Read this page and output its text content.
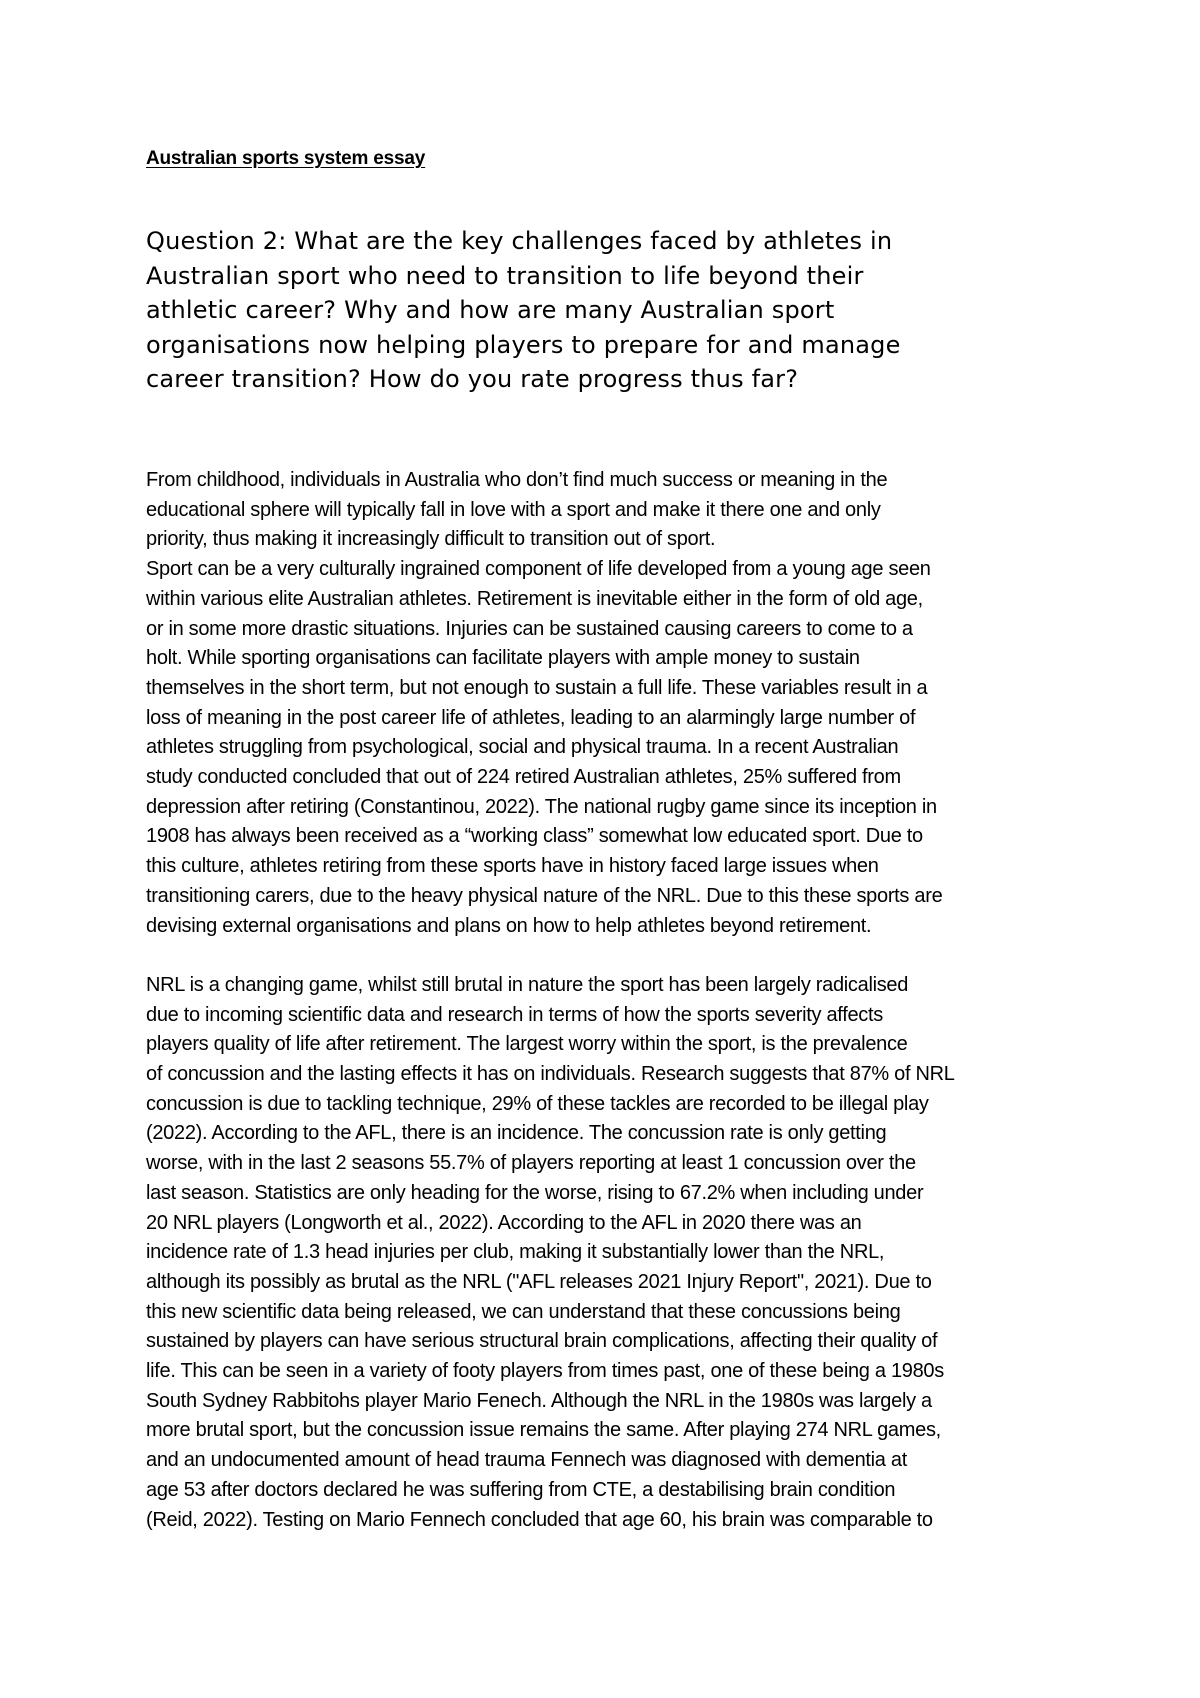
Australian sports system essay
Question 2: What are the key challenges faced by athletes in
Australian sport who need to transition to life beyond their
athletic career? Why and how are many Australian sport
organisations now helping players to prepare for and manage
career transition? How do you rate progress thus far?
From childhood, individuals in Australia who don’t find much success or meaning in the
educational sphere will typically fall in love with a sport and make it there one and only
priority, thus making it increasingly difficult to transition out of sport.
Sport can be a very culturally ingrained component of life developed from a young age seen
within various elite Australian athletes. Retirement is inevitable either in the form of old age,
or in some more drastic situations. Injuries can be sustained causing careers to come to a
holt. While sporting organisations can facilitate players with ample money to sustain
themselves in the short term, but not enough to sustain a full life. These variables result in a
loss of meaning in the post career life of athletes, leading to an alarmingly large number of
athletes struggling from psychological, social and physical trauma. In a recent Australian
study conducted concluded that out of 224 retired Australian athletes, 25% suffered from
depression after retiring (Constantinou, 2022). The national rugby game since its inception in
1908 has always been received as a “working class” somewhat low educated sport. Due to
this culture, athletes retiring from these sports have in history faced large issues when
transitioning carers, due to the heavy physical nature of the NRL. Due to this these sports are
devising external organisations and plans on how to help athletes beyond retirement.
NRL is a changing game, whilst still brutal in nature the sport has been largely radicalised
due to incoming scientific data and research in terms of how the sports severity affects
players quality of life after retirement. The largest worry within the sport, is the prevalence
of concussion and the lasting effects it has on individuals. Research suggests that 87% of NRL
concussion is due to tackling technique, 29% of these tackles are recorded to be illegal play
(2022). According to the AFL, there is an incidence. The concussion rate is only getting
worse, with in the last 2 seasons 55.7% of players reporting at least 1 concussion over the
last season. Statistics are only heading for the worse, rising to 67.2% when including under
20 NRL players (Longworth et al., 2022). According to the AFL in 2020 there was an
incidence rate of 1.3 head injuries per club, making it substantially lower than the NRL,
although its possibly as brutal as the NRL ("AFL releases 2021 Injury Report", 2021). Due to
this new scientific data being released, we can understand that these concussions being
sustained by players can have serious structural brain complications, affecting their quality of
life. This can be seen in a variety of footy players from times past, one of these being a 1980s
South Sydney Rabbitohs player Mario Fenech. Although the NRL in the 1980s was largely a
more brutal sport, but the concussion issue remains the same. After playing 274 NRL games,
and an undocumented amount of head trauma Fennech was diagnosed with dementia at
age 53 after doctors declared he was suffering from CTE, a destabilising brain condition
(Reid, 2022). Testing on Mario Fennech concluded that age 60, his brain was comparable to
